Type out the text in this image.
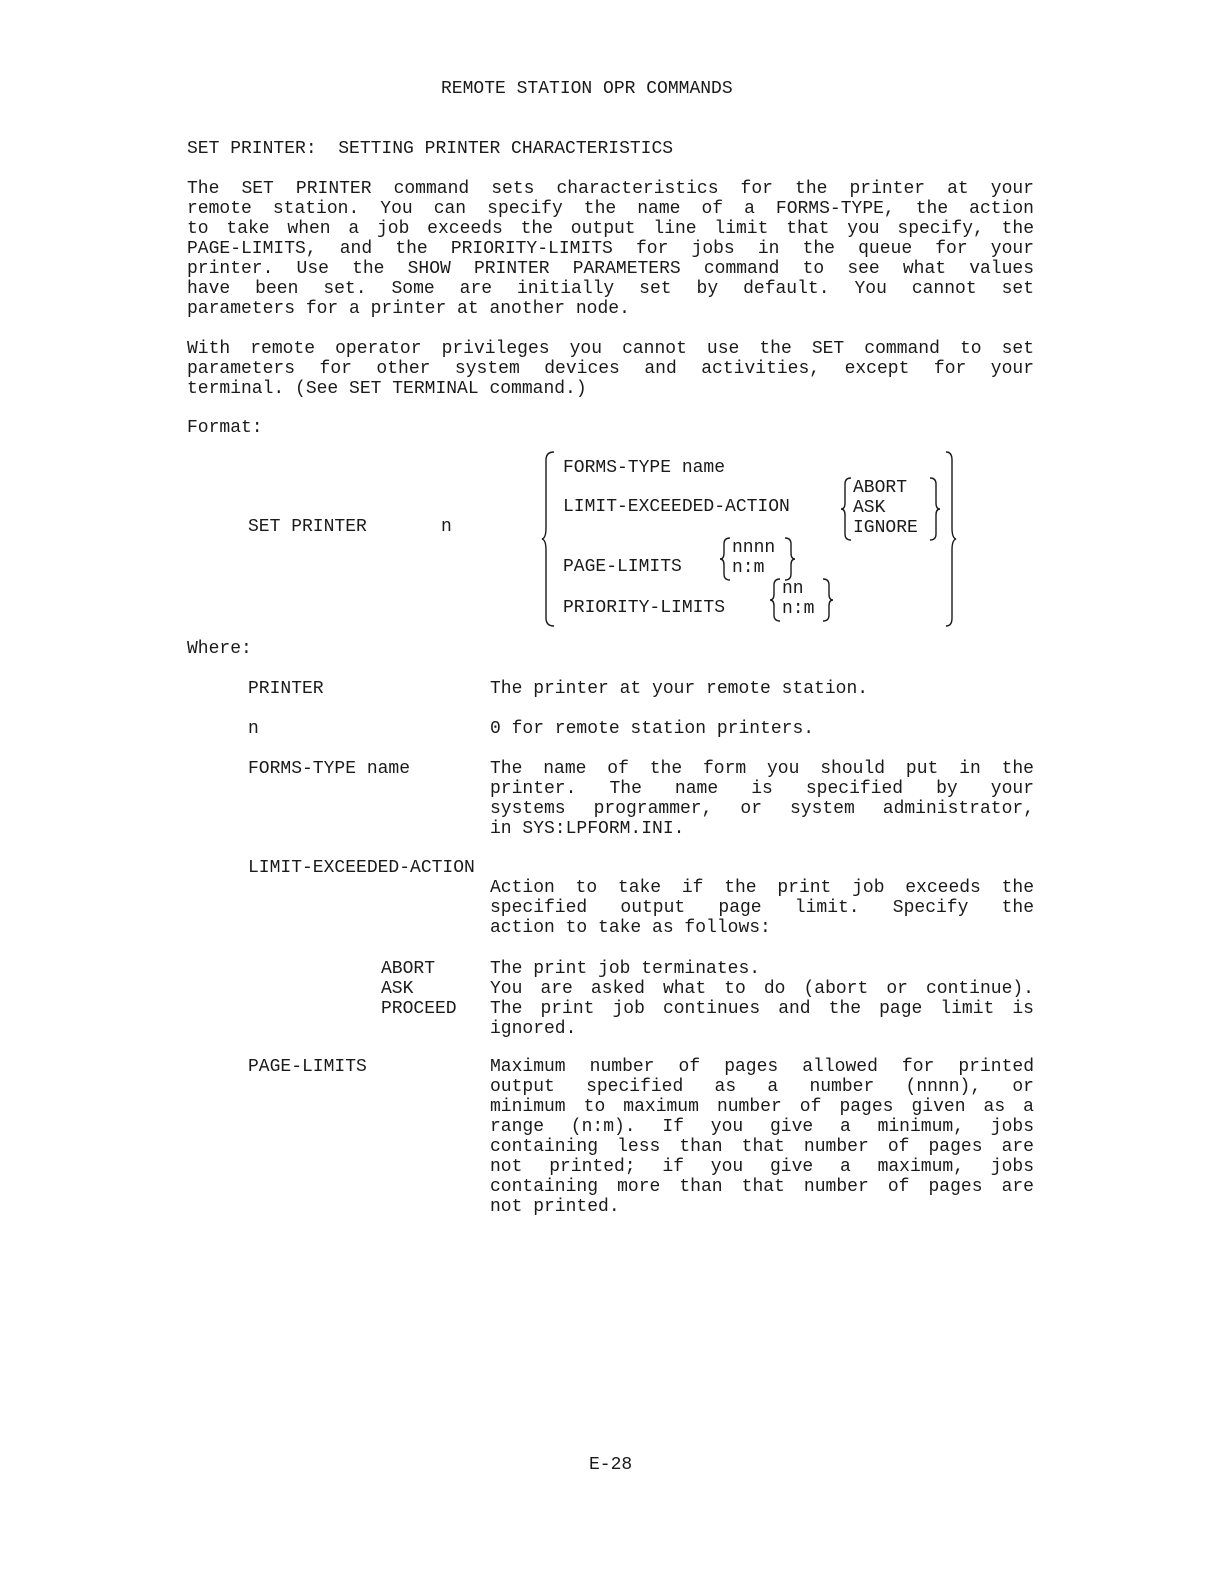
REMOTE STATION OPR COMMANDS
SET PRINTER:  SETTING PRINTER CHARACTERISTICS
The SET PRINTER command sets characteristics for the printer at your
remote station. You can specify the name of a FORMS-TYPE, the action
to take when a job exceeds the output line limit that you specify, the
PAGE-LIMITS, and the PRIORITY-LIMITS for jobs in the queue for your
printer. Use the SHOW PRINTER PARAMETERS command to see what values
have been set. Some are initially set by default. You cannot set
parameters for a printer at another node.
With remote operator privileges you cannot use the SET command to set
parameters for other system devices and activities, except for your
terminal. (See SET TERMINAL command.)
Format:
SET PRINTER	n
FORMS-TYPE name
LIMIT-EXCEEDED-ACTION
ABORT
ASK
IGNORE
PAGE-LIMITS
nnnn
n:m
PRIORITY-LIMITS
nn
n:m
Where:
PRINTER	The printer at your remote station.
n	0 for remote station printers.
FORMS-TYPE name	The name of the form you should put in the
printer. The name is specified by your
systems programmer, or system administrator,
in SYS:LPFORM.INI.
LIMIT-EXCEEDED-ACTION
Action to take if the print job exceeds the
specified output page limit. Specify the
action to take as follows:
ABORT	The print job terminates.
ASK	You are asked what to do (abort or continue).
PROCEED The print job continues and the page limit is
ignored.
PAGE-LIMITS	Maximum number of pages allowed for printed
output specified as a number (nnnn), or
minimum to maximum number of pages given as a
range (n:m). If you give a minimum, jobs
containing less than that number of pages are
not printed; if you give a maximum, jobs
containing more than that number of pages are
not printed.
E-28
